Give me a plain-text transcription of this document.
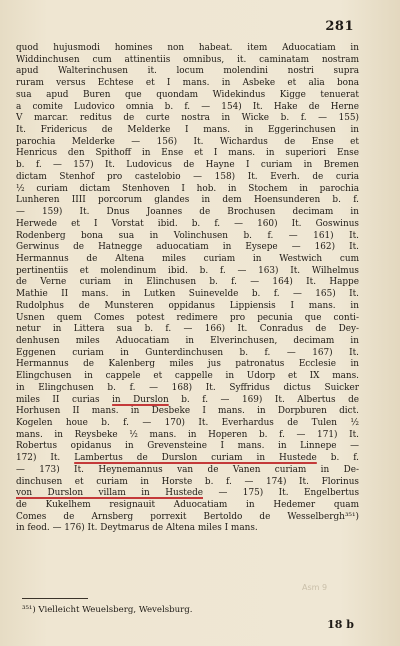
281
Asm 9
quod hujusmodi homines non habeat. item Aduocatiam in
Widdinchusen cum attinentiis omnibus, it. caminatam nostram
apud Walterinchusen it. locum molendini nostri supra
ruram versus Echtese et I mans. in Asbeke et alia bona
sua apud Buren que quondam Widekindus Kigge tenuerat
a comite Ludovico omnia b. f. — 154) It. Hake de Herne
V marcar. reditus de curte nostra in Wicke b. f. — 155)
It. Fridericus de Melderke I mans. in Eggerinchusen in
parochia Melderke — 156) It. Wichardus de Ense et
Henricus den Spithoff in Ense et I mans. in superiori Ense
b. f. — 157) It. Ludovicus de Hayne I curiam in Bremen
dictam Stenhof pro castelobio — 158) It. Everh. de curia
½ curiam dictam Stenhoven I hob. in Stochem in parochia
Lunheren IIII porcorum glandes in dem Hoensunderen b. f.
— 159) It. Dnus Joannes de Brochusen decimam in
Herwede et I Vorstat ibid. b. f. — 160) It. Goswinus
Rodenberg bona sua in Volinchusen b. f. — 161) It.
Gerwinus de Hatnegge aduocatiam in Eysepe — 162) It.
Hermannus de Altena miles curiam in Westwich cum
pertinentiis et molendinum ibid. b. f. — 163) It. Wilhelmus
de Verne curiam in Elinchusen b. f. — 164) It. Happe
Mathie II mans. in Lutken Suinevelde b. f. — 165) It.
Rudolphus de Munsteren oppidanus Lippiensis I mans. in
Usnen quem Comes potest redimere pro pecunia que conti-
netur in Littera sua b. f. — 166) It. Conradus de Dey-
denhusen miles Aduocatiam in Elverinchusen, decimam in
Eggenen curiam in Gunterdinchusen b. f. — 167) It.
Hermannus de Kalenberg miles jus patronatus Ecclesie in
Elingchusen in cappele et cappelle in Udorp et IX mans.
in Elingchusen b. f. — 168) It. Syffridus dictus Suicker
miles II curias in Durslon b. f. — 169) It. Albertus de
Horhusen II mans. in Desbeke I mans. in Dorpburen dict.
Kogelen houe b. f. — 170) It. Everhardus de Tulen ½
mans. in Reysbeke ½ mans. in Hoperen b. f. — 171) It.
Robertus opidanus in Grevensteine I mans. in Linnepe —
172) It. Lambertus de Durslon curiam in Hustede b. f.
— 173) It. Heynemannus van de Vanen curiam in De-
dinchusen et curiam in Horste b. f. — 174) It. Florinus
von Durslon villam in Hustede — 175) It. Engelbertus
de Kukelhem resignauit Aduocatiam in Hedemer quam
Comes de Arnsberg porrexit Bertoldo de Wesselbergh³⁵¹)
in feod. — 176) It. Deytmarus de Altena miles I mans.
³⁵¹) Vielleicht Weuelsberg, Wevelsburg.
18 b
